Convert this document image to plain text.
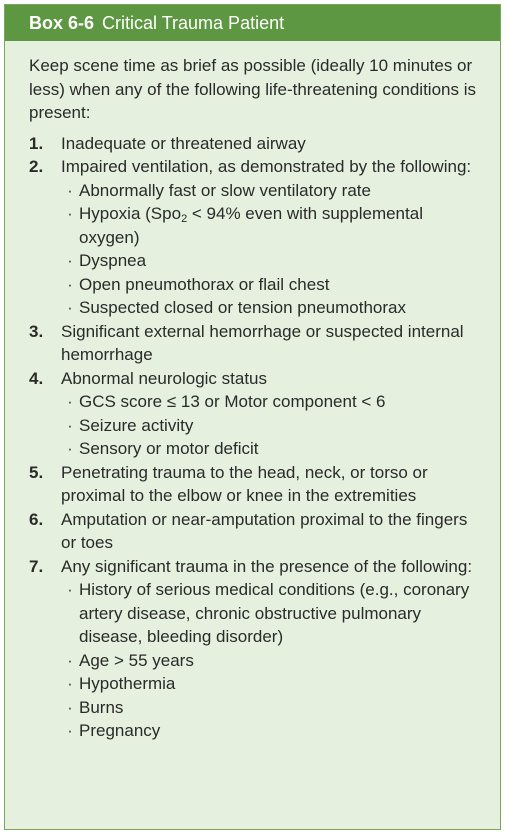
Box 6-6 Critical Trauma Patient

Keep scene time as brief as possible (ideally 10 minutes or less) when any of the following life-threatening conditions is present:

1.	Inadequate or threatened airway
2.	Impaired ventilation, as demonstrated by the following:
· Abnormally fast or slow ventilatory rate
· Hypoxia (Spo$_2$ < 94% even with supplemental oxygen)
· Dyspnea
· Open pneumothorax or flail chest
· Suspected closed or tension pneumothorax
3.	Significant external hemorrhage or suspected internal hemorrhage
4.	Abnormal neurologic status
· GCS score ≤ 13 or Motor component < 6
· Seizure activity
· Sensory or motor deficit
5.	Penetrating trauma to the head, neck, or torso or proximal to the elbow or knee in the extremities
6.	Amputation or near-amputation proximal to the fingers or toes
7.	Any significant trauma in the presence of the following:
· History of serious medical conditions (e.g., coronary artery disease, chronic obstructive pulmonary disease, bleeding disorder)
· Age > 55 years
· Hypothermia
· Burns
· Pregnancy
